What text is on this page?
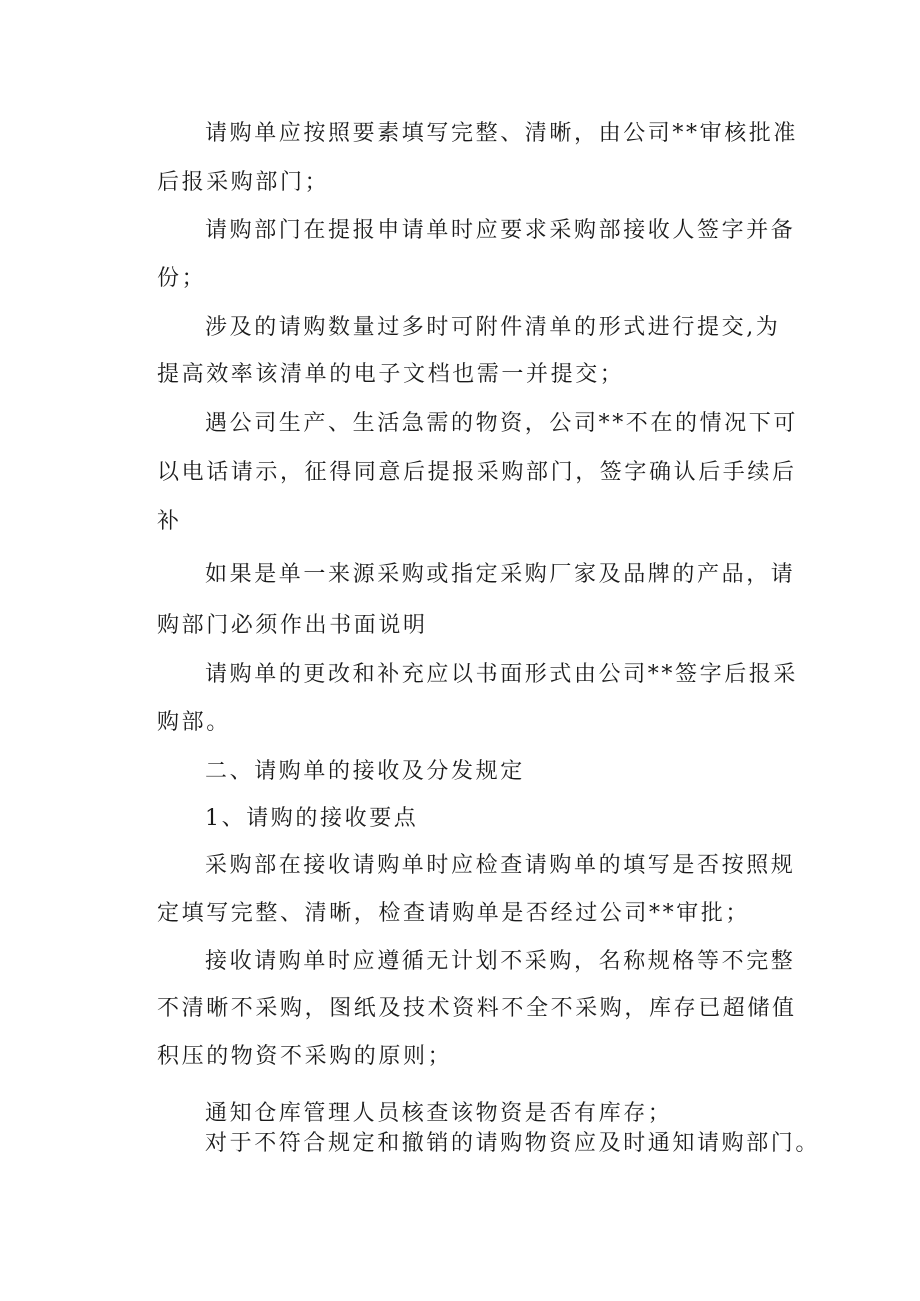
请购单应按照要素填写完整、清晰，由公司**审核批准
后报采购部门；
请购部门在提报申请单时应要求采购部接收人签字并备
份；
涉及的请购数量过多时可附件清单的形式进行提交,为
提高效率该清单的电子文档也需一并提交；
遇公司生产、生活急需的物资，公司**不在的情况下可
以电话请示，征得同意后提报采购部门，签字确认后手续后
补
如果是单一来源采购或指定采购厂家及品牌的产品，请
购部门必须作出书面说明
请购单的更改和补充应以书面形式由公司**签字后报采
购部。
二、请购单的接收及分发规定
1、请购的接收要点
采购部在接收请购单时应检查请购单的填写是否按照规
定填写完整、清晰，检查请购单是否经过公司**审批；
接收请购单时应遵循无计划不采购，名称规格等不完整
不清晰不采购，图纸及技术资料不全不采购，库存已超储值
积压的物资不采购的原则；
通知仓库管理人员核查该物资是否有库存；
对于不符合规定和撤销的请购物资应及时通知请购部门。
